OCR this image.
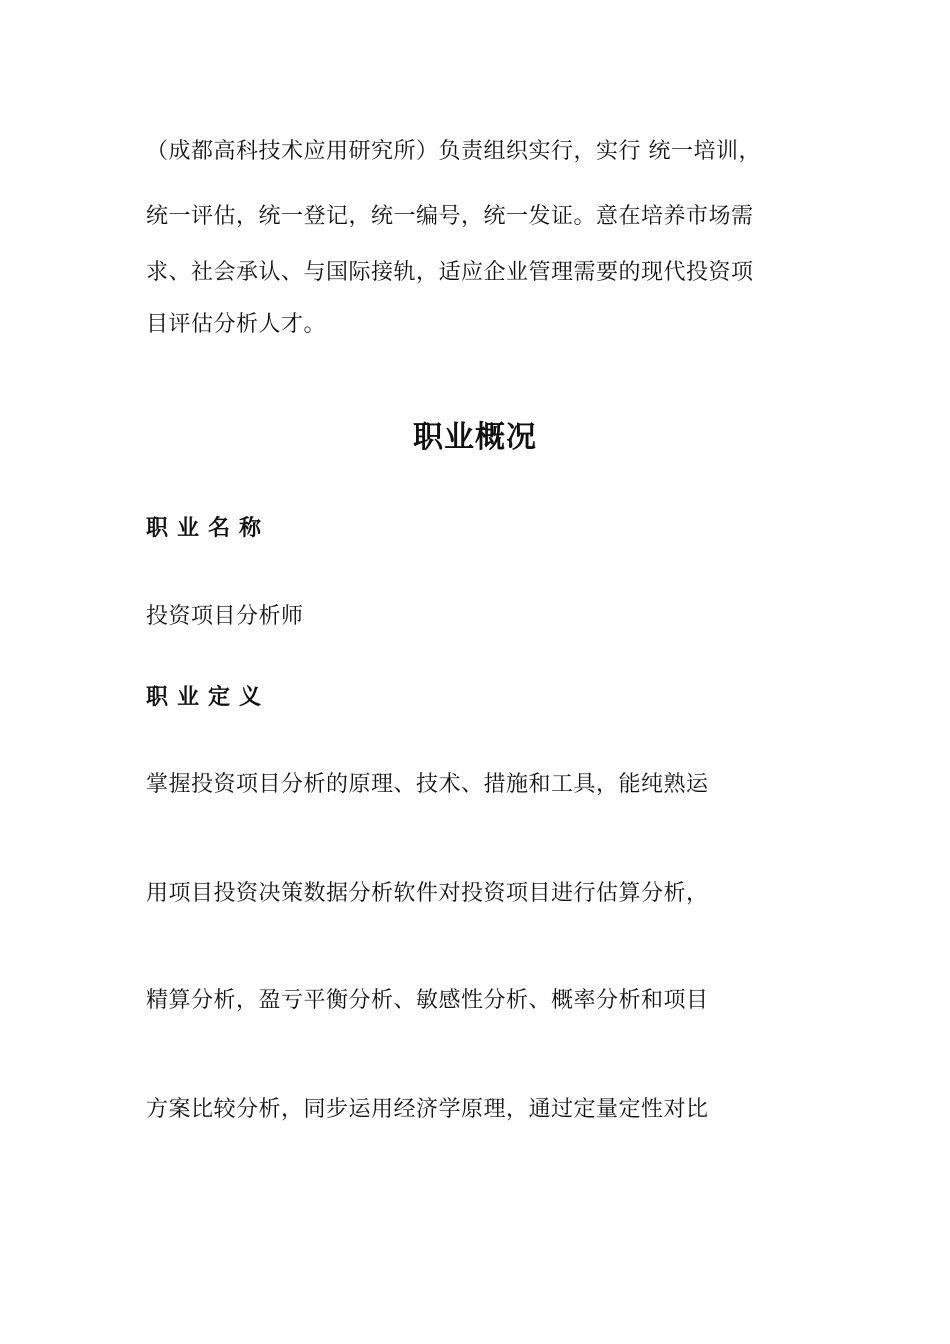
（成都高科技术应用研究所）负责组织实行，实行 统一培训，
统一评估，统一登记，统一编号，统一发证。意在培养市场需
求、社会承认、与国际接轨，适应企业管理需要的现代投资项
目评估分析人才。
职业概况
职业名称
投资项目分析师
职业定义
掌握投资项目分析的原理、技术、措施和工具，能纯熟运
用项目投资决策数据分析软件对投资项目进行估算分析，
精算分析，盈亏平衡分析、敏感性分析、概率分析和项目
方案比较分析，同步运用经济学原理，通过定量定性对比
